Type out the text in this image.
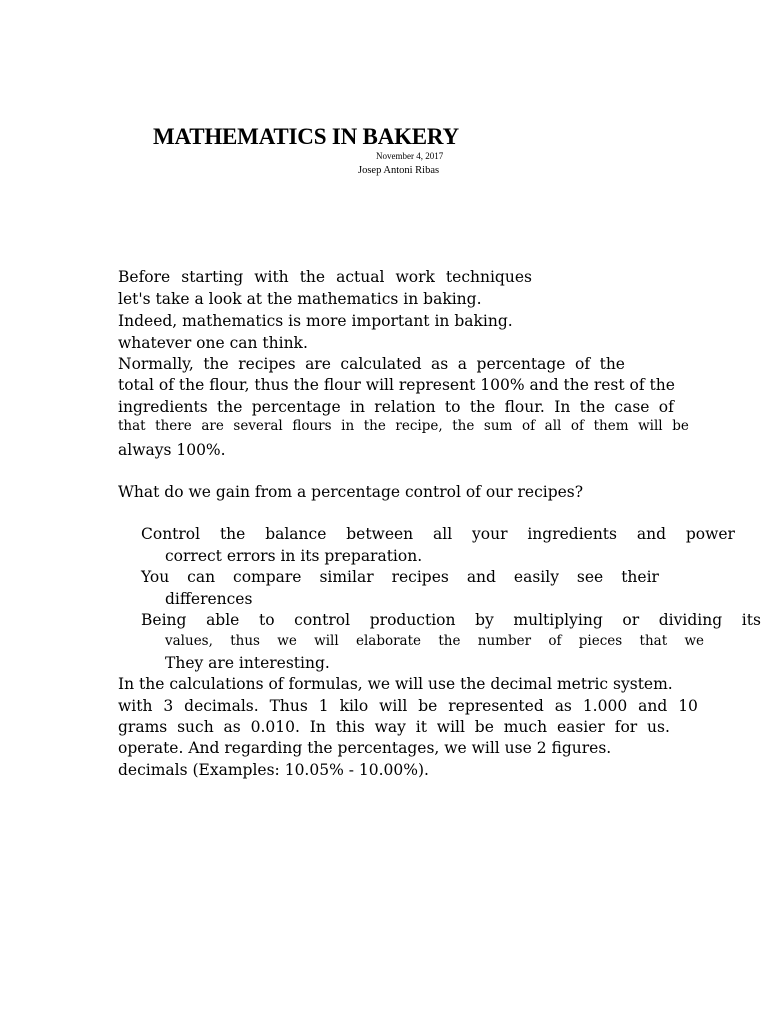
MATHEMATICS IN BAKERY
November 4, 2017
Josep Antoni Ribas
Before starting with the actual work techniques
let's take a look at the mathematics in baking.
Indeed, mathematics is more important in baking.
whatever one can think.
Normally, the recipes are calculated as a percentage of the
total of the flour, thus the flour will represent 100% and the rest of the
ingredients the percentage in relation to the flour. In the case of
that there are several flours in the recipe, the sum of all of them will be
always 100%.
What do we gain from a percentage control of our recipes?
Control the balance between all your ingredients and power
correct errors in its preparation.
You can compare similar recipes and easily see their
differences
Being able to control production by multiplying or dividing its
values, thus we will elaborate the number of pieces that we
They are interesting.
In the calculations of formulas, we will use the decimal metric system.
with 3 decimals. Thus 1 kilo will be represented as 1.000 and 10
grams such as 0.010. In this way it will be much easier for us.
operate. And regarding the percentages, we will use 2 figures.
decimals (Examples: 10.05% - 10.00%).
